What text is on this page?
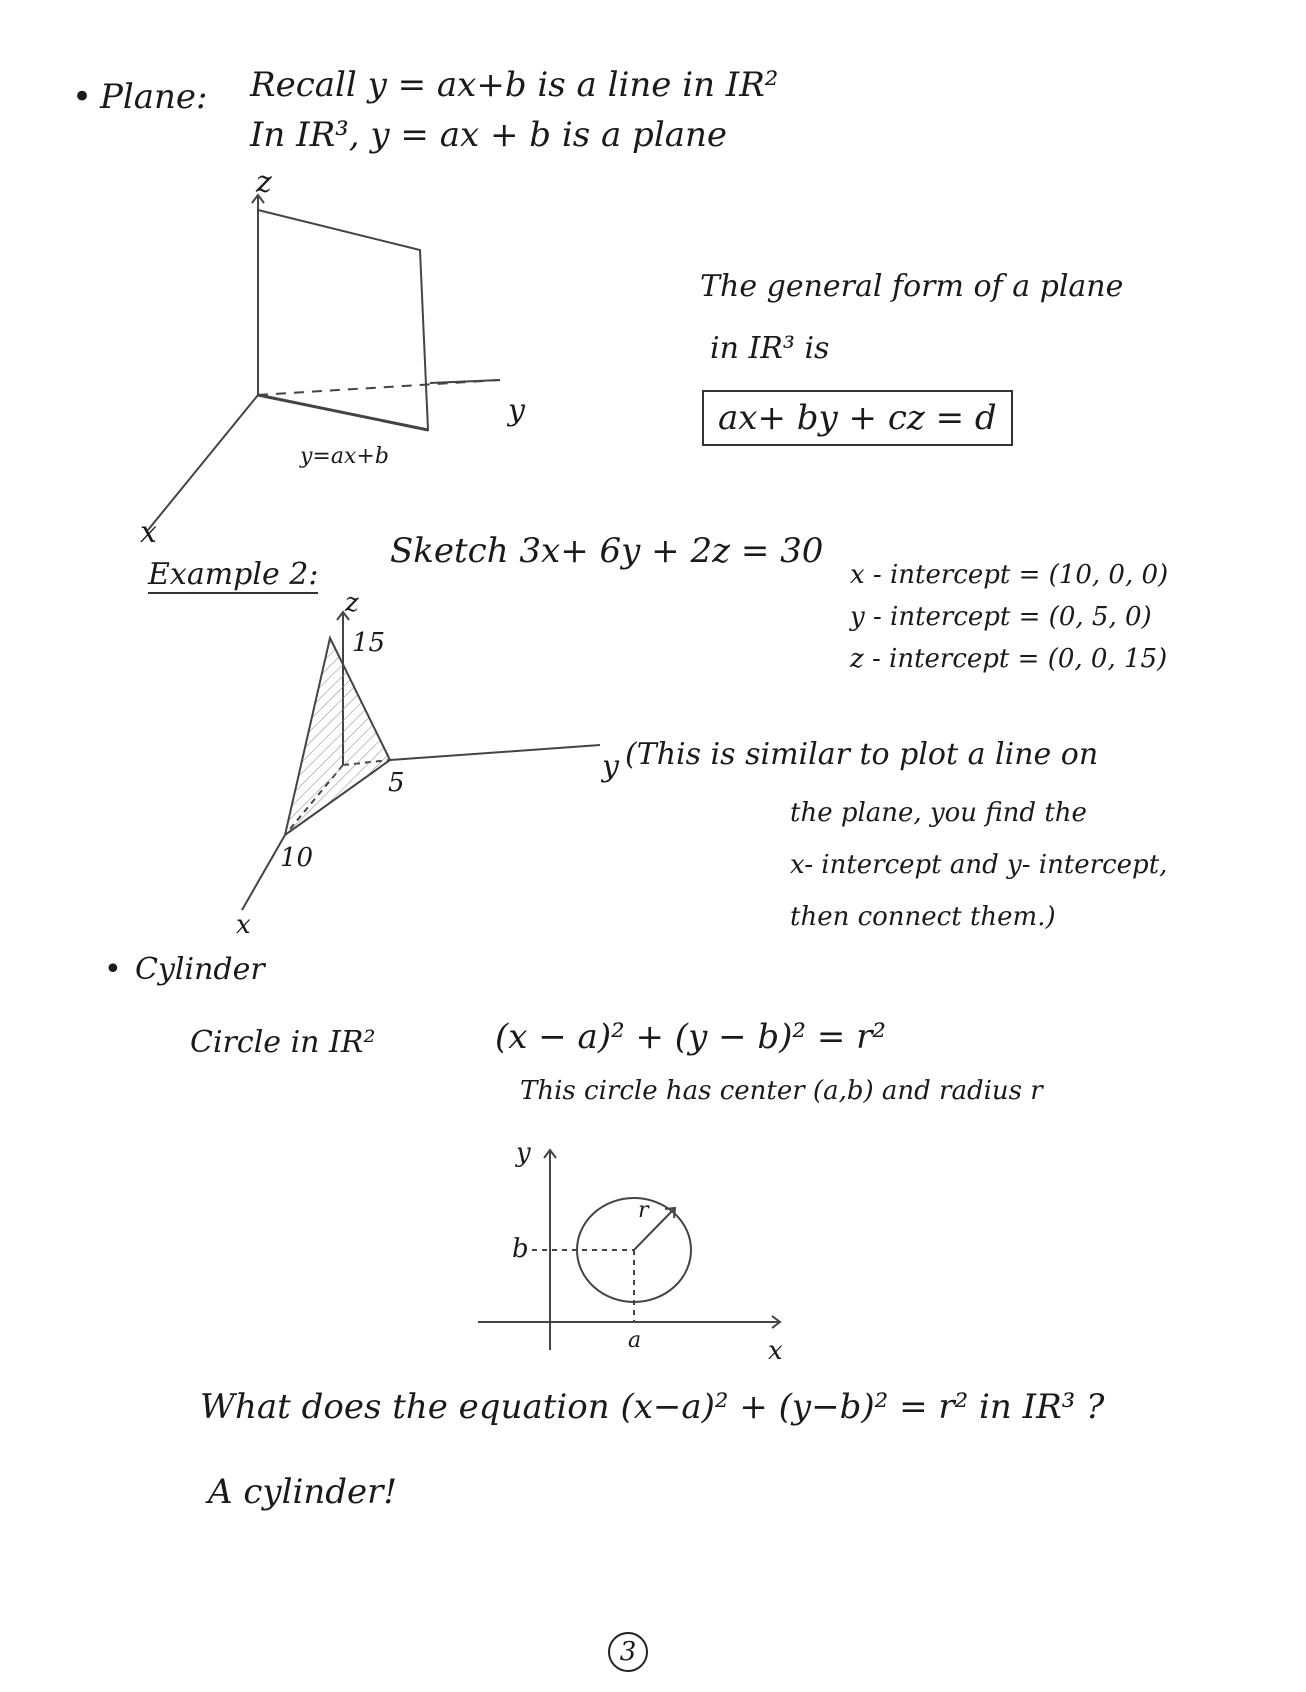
• Plane: Recall y = ax+b is a line in IR²
In IR³, y = ax + b is a plane
z
y
x
y=ax+b
The general form of a plane
in IR³ is
ax+ by + cz = d
Example 2:
Sketch 3x+ 6y + 2z = 30
x - intercept = (10, 0, 0)
y - intercept = (0, 5, 0)
z - intercept = (0, 0, 15)
z
15
5
10
x
y (This is similar to plot a line on
the plane, you find the
x- intercept and y- intercept,
then connect them.)
• Cylinder
Circle in IR²	(x − a)² + (y − b)² = r²
This circle has center (a,b) and radius r
y
b
a	x
r
What does the equation (x−a)² + (y−b)² = r² in IR³ ?
A cylinder!
3
